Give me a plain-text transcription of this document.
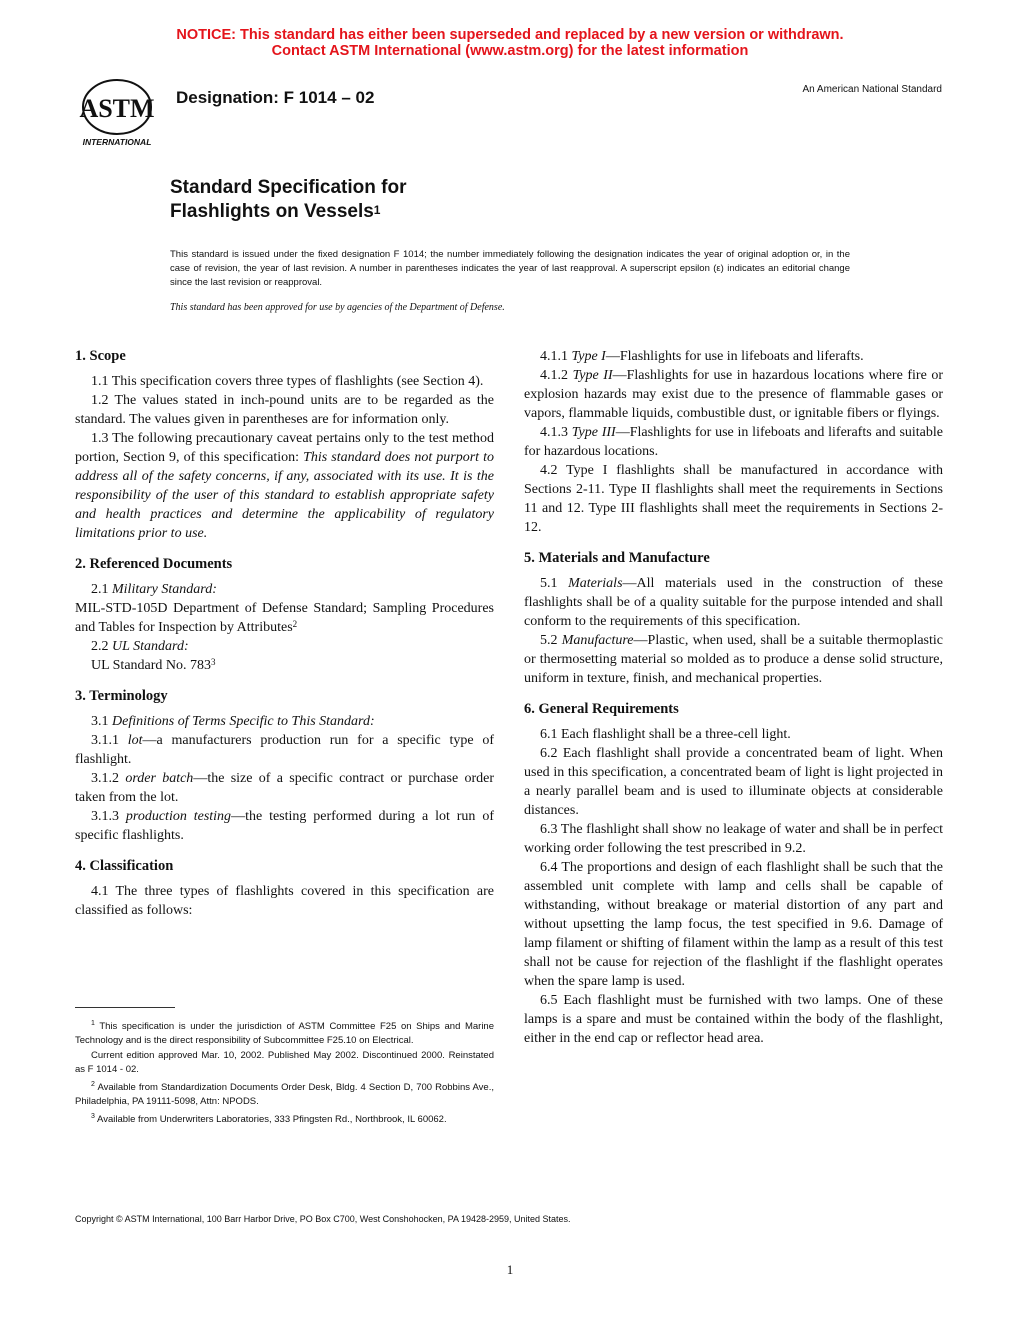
NOTICE: This standard has either been superseded and replaced by a new version or withdrawn.
Contact ASTM International (www.astm.org) for the latest information
ASTM
INTERNATIONAL
Designation: F 1014 – 02	An American National Standard
Standard Specification for
Flashlights on Vessels$^1$
This standard is issued under the fixed designation F 1014; the number immediately following the designation indicates the year of original adoption or, in the case of revision, the year of last revision. A number in parentheses indicates the year of last reapproval. A superscript epsilon (ε) indicates an editorial change since the last revision or reapproval.
This standard has been approved for use by agencies of the Department of Defense.
1. Scope

1.1 This specification covers three types of flashlights (see Section 4).

1.2 The values stated in inch-pound units are to be regarded as the standard. The values given in parentheses are for information only.

1.3 The following precautionary caveat pertains only to the test method portion, Section 9, of this specification: This standard does not purport to address all of the safety concerns, if any, associated with its use. It is the responsibility of the user of this standard to establish appropriate safety and health practices and determine the applicability of regulatory limitations prior to use.

2. Referenced Documents

2.1 Military Standard:

MIL-STD-105D Department of Defense Standard; Sampling Procedures and Tables for Inspection by Attributes$^2$

2.2 UL Standard:

UL Standard No. $783^3$

3. Terminology

3.1 Definitions of Terms Specific to This Standard:

3.1.1 lot—a manufacturers production run for a specific type of flashlight.

3.1.2 order batch—the size of a specific contract or purchase order taken from the lot.

3.1.3 production testing—the testing performed during a lot run of specific flashlights.

4. Classification

4.1 The three types of flashlights covered in this specification are classified as follows:

4.1.1 Type I—Flashlights for use in lifeboats and liferafts.

4.1.2 Type II—Flashlights for use in hazardous locations where fire or explosion hazards may exist due to the presence of flammable gases or vapors, flammable liquids, combustible dust, or ignitable fibers or flyings.

4.1.3 Type III—Flashlights for use in lifeboats and liferafts and suitable for hazardous locations.

4.2 Type I flashlights shall be manufactured in accordance with Sections 2-11. Type II flashlights shall meet the requirements in Sections 11 and 12. Type III flashlights shall meet the requirements in Sections 2-12.

5. Materials and Manufacture

5.1 Materials—All materials used in the construction of these flashlights shall be of a quality suitable for the purpose intended and shall conform to the requirements of this specification.

5.2 Manufacture—Plastic, when used, shall be a suitable thermoplastic or thermosetting material so molded as to produce a dense solid structure, uniform in texture, finish, and mechanical properties.

6. General Requirements

6.1 Each flashlight shall be a three-cell light.

6.2 Each flashlight shall provide a concentrated beam of light. When used in this specification, a concentrated beam of light is light projected in a nearly parallel beam and is used to illuminate objects at considerable distances.

6.3 The flashlight shall show no leakage of water and shall be in perfect working order following the test prescribed in 9.2.

6.4 The proportions and design of each flashlight shall be such that the assembled unit complete with lamp and cells shall be capable of withstanding, without breakage or material distortion of any part and without upsetting the lamp focus, the test specified in 9.6. Damage of lamp filament or shifting of filament within the lamp as a result of this test shall not be cause for rejection of the flashlight if the flashlight operates when the spare lamp is used.

6.5 Each flashlight must be furnished with two lamps. One of these lamps is a spare and must be contained within the body of the flashlight, either in the end cap or reflector head area.

$^1$ This specification is under the jurisdiction of ASTM Committee F25 on Ships and Marine Technology and is the direct responsibility of Subcommittee F25.10 on Electrical.

Current edition approved Mar. 10, 2002. Published May 2002. Discontinued 2000. Reinstated as F 1014 - 02.

$^2$ Available from Standardization Documents Order Desk, Bldg. 4 Section D, 700 Robbins Ave., Philadelphia, PA 19111-5098, Attn: NPODS.

$^3$ Available from Underwriters Laboratories, 333 Pfingsten Rd., Northbrook, IL 60062.

Copyright © ASTM International, 100 Barr Harbor Drive, PO Box C700, West Conshohocken, PA 19428-2959, United States.
1
